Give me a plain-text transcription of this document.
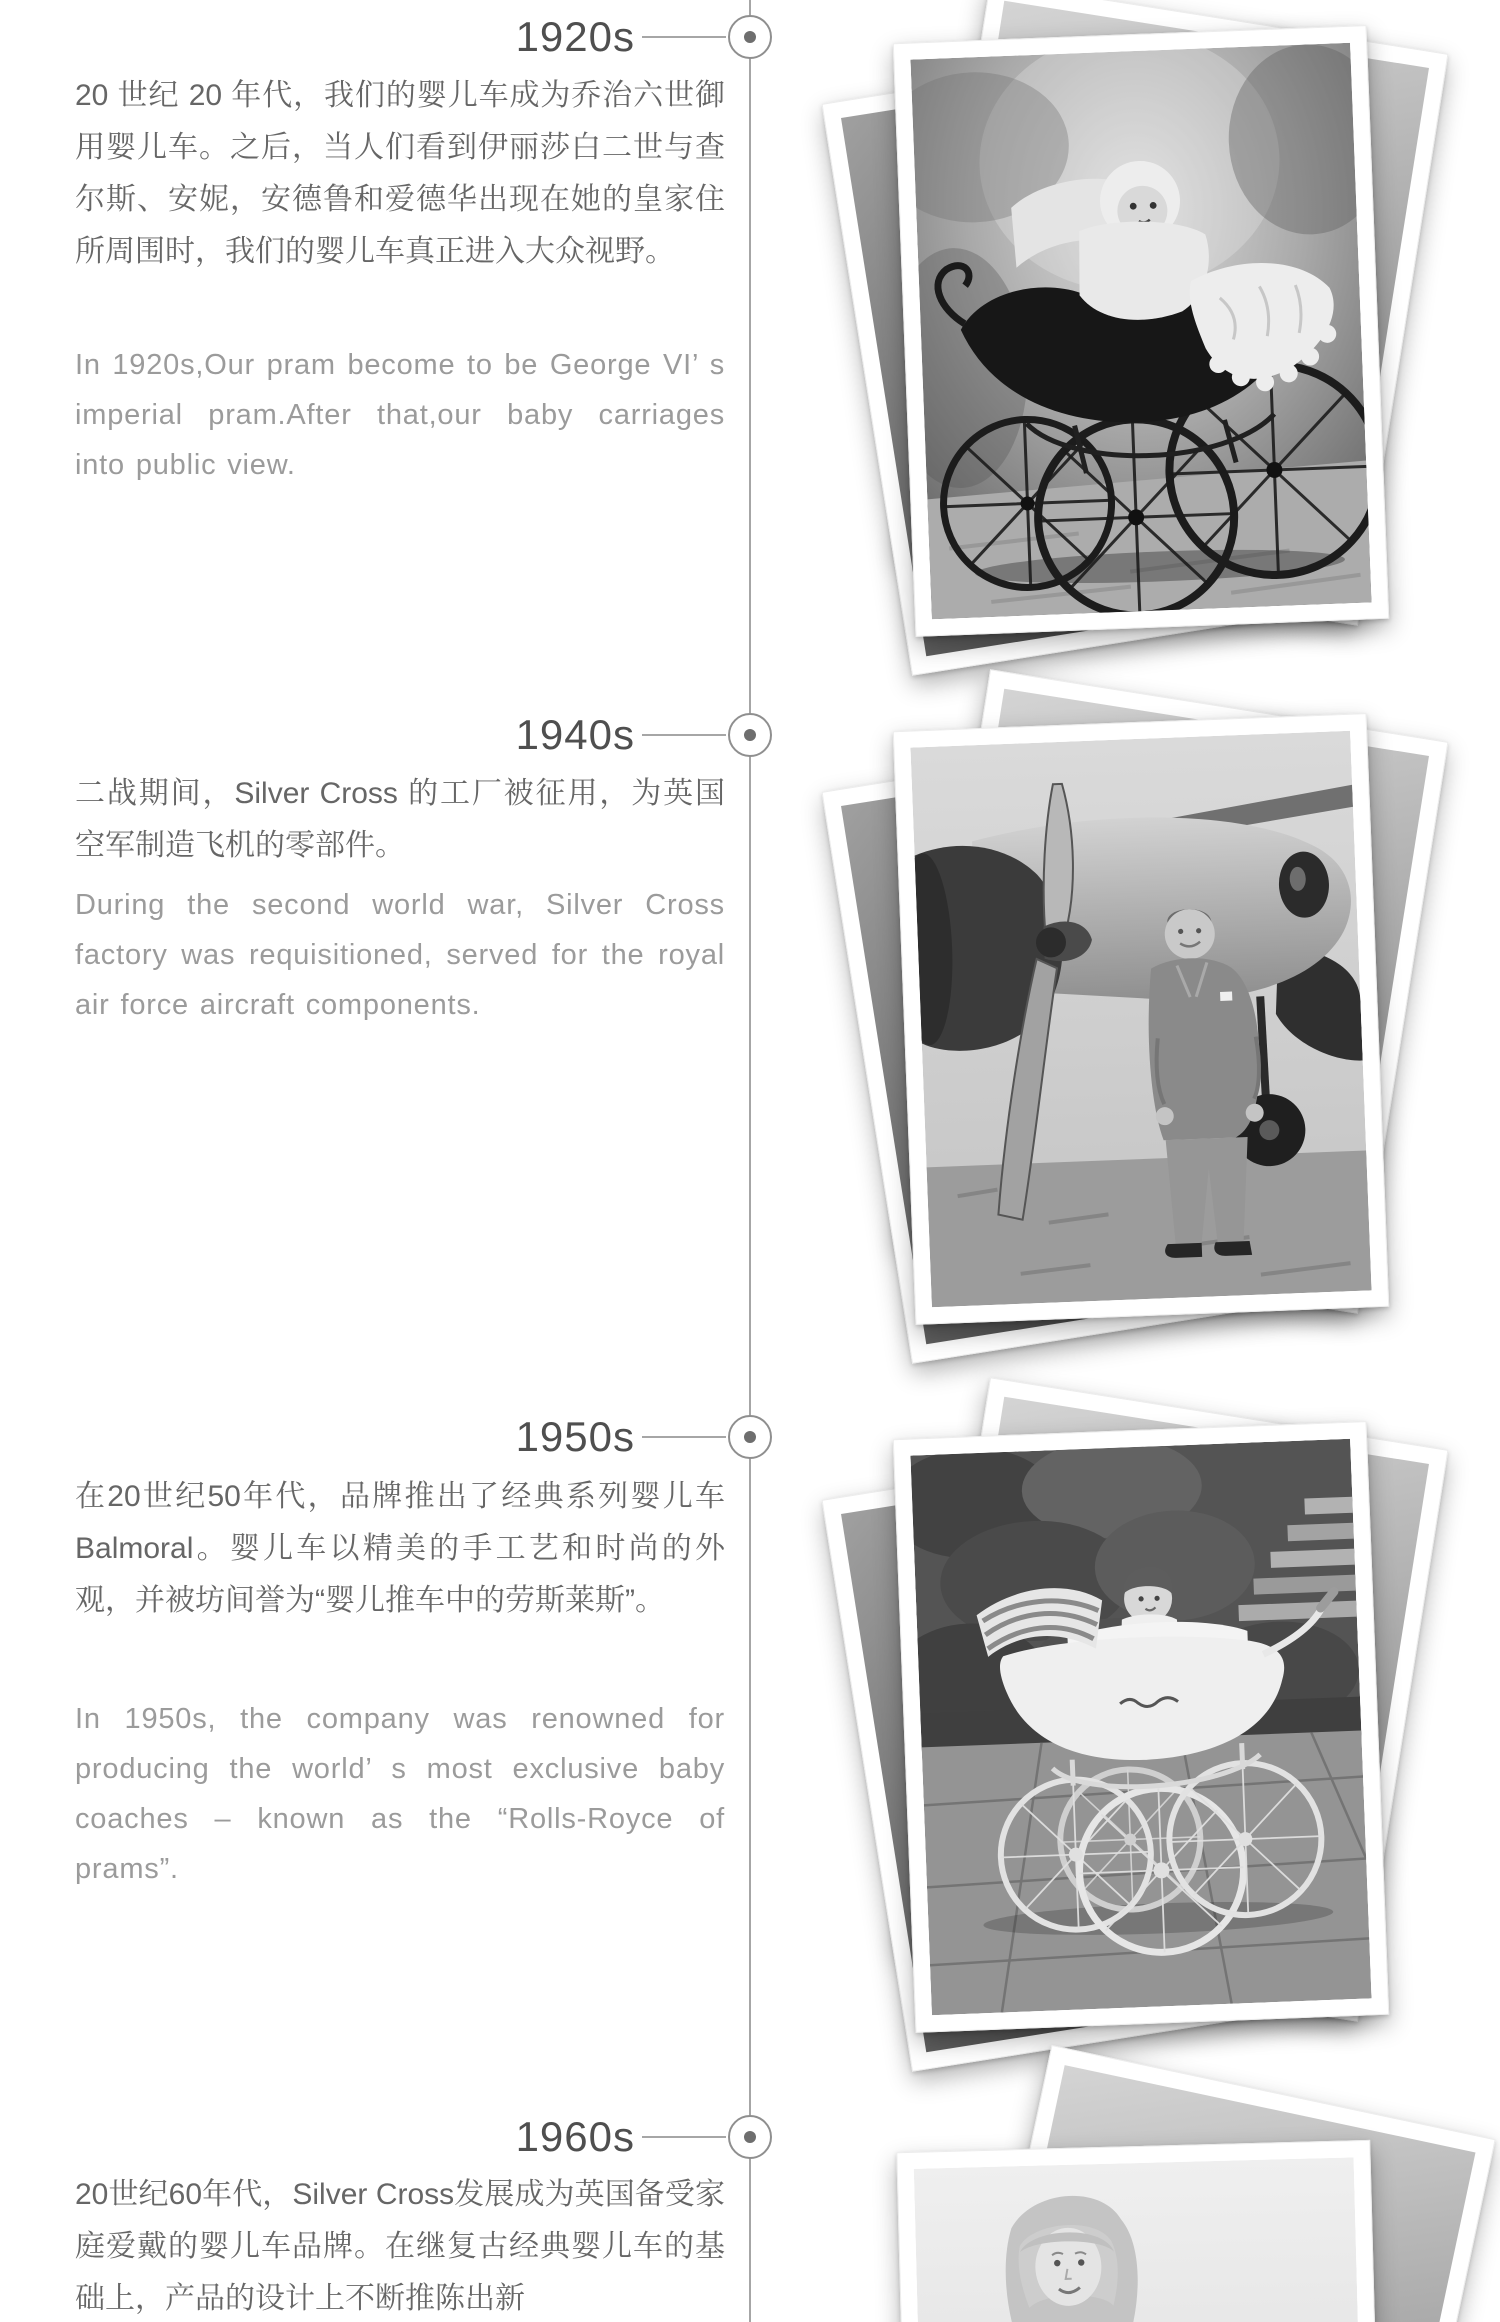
1920s

20 世纪 20 年代，我们的婴儿车成为乔治六世御用婴儿车。之后，当人们看到伊丽莎白二世与查尔斯、安妮，安德鲁和爱德华出现在她的皇家住所周围时，我们的婴儿车真正进入大众视野。

In 1920s,Our pram become to be George VI’ s imperial pram.After that,our baby carriages into public view.

1940s

二战期间，Silver Cross 的工厂被征用，为英国空军制造飞机的零部件。

During the second world war, Silver Cross factory was requisitioned, served for the royal air force aircraft components.

1950s

在20世纪50年代，品牌推出了经典系列婴儿车Balmoral。婴儿车以精美的手工艺和时尚的外观，并被坊间誉为“婴儿推车中的劳斯莱斯”。

In 1950s, the company was renowned for producing the world’ s most exclusive baby coaches – known as the “Rolls-Royce of prams”.

1960s

20世纪60年代，Silver Cross发展成为英国备受家庭爱戴的婴儿车品牌。在继复古经典婴儿车的基础上，产品的设计上不断推陈出新
